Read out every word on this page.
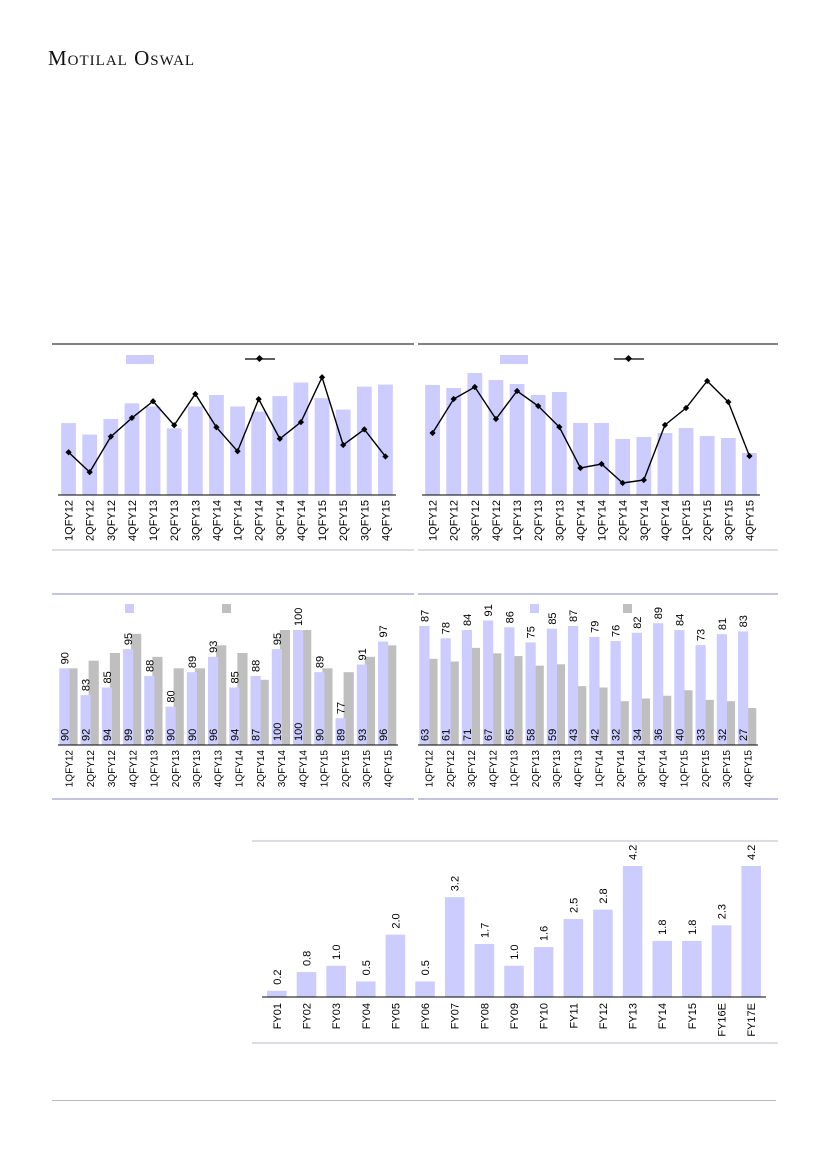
Motilal Oswal
1QFY12 2QFY12 3QFY12 4QFY12 1QFY13 2QFY13 3QFY13 4QFY14 1QFY14 2QFY14 3QFY14 4QFY14 1QFY15 2QFY15 3QFY15 4QFY15	1QFY12 2QFY12 3QFY12 4QFY12 1QFY13 2QFY13 3QFY13 4QFY14 1QFY14 2QFY14 3QFY14 4QFY14 1QFY15 2QFY15 3QFY15 4QFY15
90
90
83
92
85
94
95
99
88
93
80
90
89
90
93
96
85
94
88
87
95
100
100
100
89
90
77
89
91
93
97
96
1QFY12 2QFY12 3QFY12 4QFY12 1QFY13 2QFY13 3QFY13 4QFY13 1QFY14 2QFY14 3QFY14 4QFY14 1QFY15 2QFY15 3QFY15 4QFY15
87
63
78
61
84
71
91
67
86
65
75
58
85
59
87
43
79
42
76
32
82
34
89
36
84
40
73
33
81
32
83
27
1QFY12 2QFY12 3QFY12 4QFY12 1QFY13 2QFY13 3QFY13 4QFY13 1QFY14 2QFY14 3QFY14 4QFY14 1QFY15 2QFY15 3QFY15 4QFY15
0.2
0.8 1.0
0.5
2.0
0.5
3.2
1.7
1.0
1.6
2.5
2.8
4.2
1.8 1.8
2.3
4.2
FY01 FY02 FY03 FY04 FY05 FY06 FY07 FY08 FY09 FY10 FY11 FY12 FY13 FY14 FY15 FY16E FY17E
